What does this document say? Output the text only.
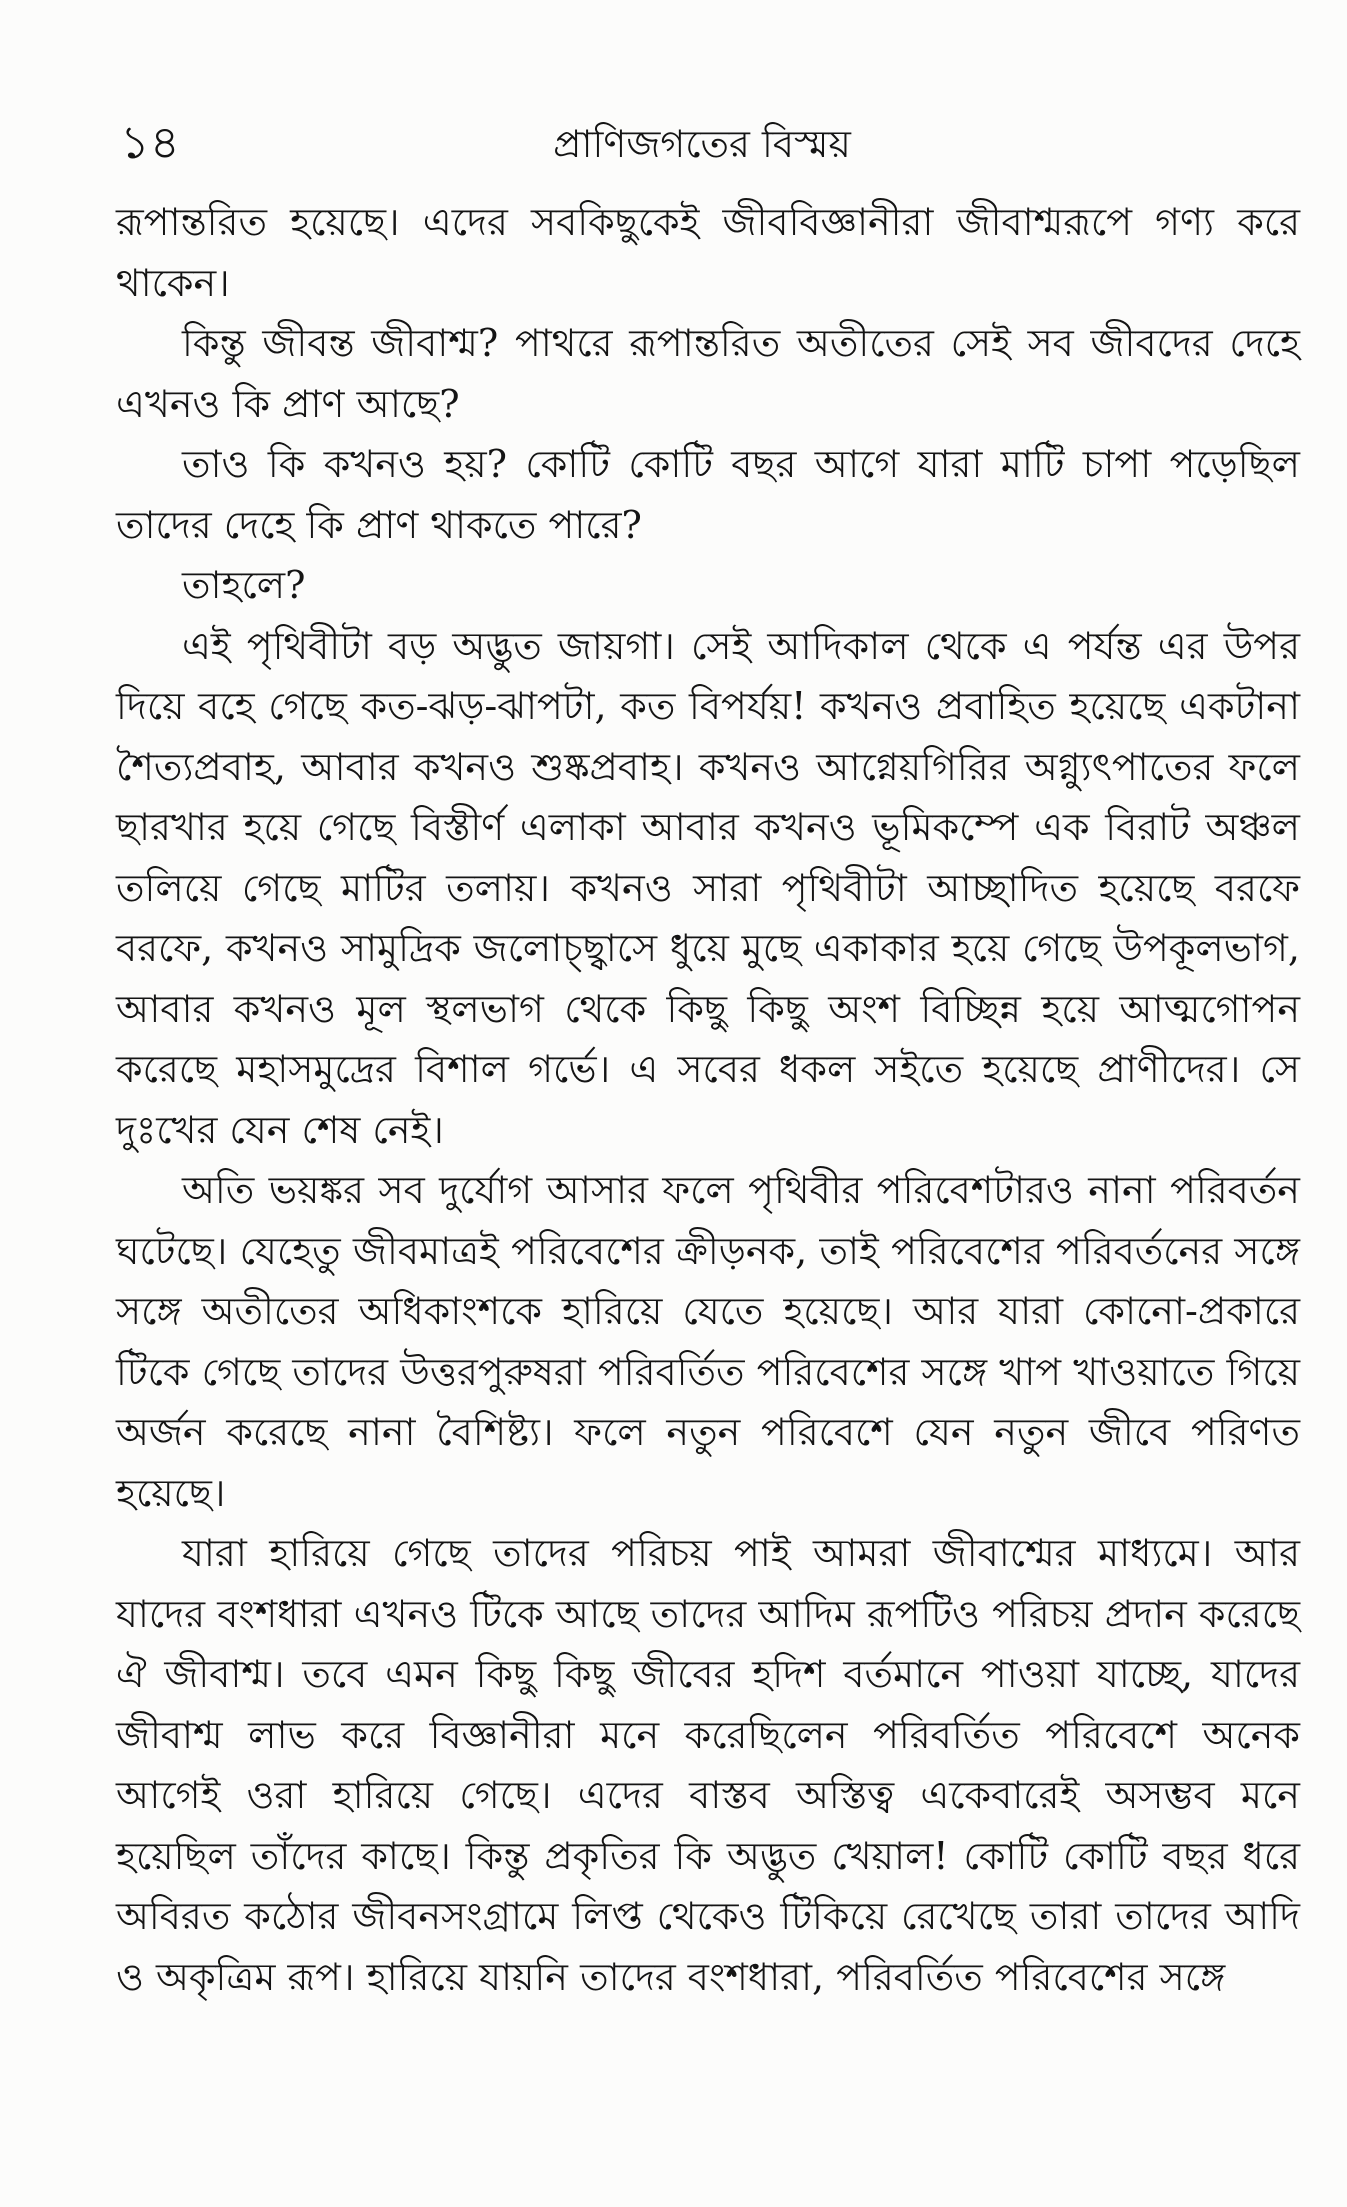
১৪	প্রাণিজগতের বিস্ময়

রূপান্তরিত হয়েছে। এদের সবকিছুকেই জীববিজ্ঞানীরা জীবাশ্মরূপে গণ্য করে থাকেন।

কিন্তু জীবন্ত জীবাশ্ম? পাথরে রূপান্তরিত অতীতের সেই সব জীবদের দেহে এখনও কি প্রাণ আছে?

তাও কি কখনও হয়? কোটি কোটি বছর আগে যারা মাটি চাপা পড়েছিল তাদের দেহে কি প্রাণ থাকতে পারে?

তাহলে?

এই পৃথিবীটা বড় অদ্ভুত জায়গা। সেই আদিকাল থেকে এ পর্যন্ত এর উপর দিয়ে বহে গেছে কত-ঝড়-ঝাপটা, কত বিপর্যয়! কখনও প্রবাহিত হয়েছে একটানা শৈত্যপ্রবাহ, আবার কখনও শুষ্কপ্রবাহ। কখনও আগ্নেয়গিরির অগ্ন্যুৎপাতের ফলে ছারখার হয়ে গেছে বিস্তীর্ণ এলাকা আবার কখনও ভূমিকম্পে এক বিরাট অঞ্চল তলিয়ে গেছে মাটির তলায়। কখনও সারা পৃথিবীটা আচ্ছাদিত হয়েছে বরফে বরফে, কখনও সামুদ্রিক জলোচ্ছ্বাসে ধুয়ে মুছে একাকার হয়ে গেছে উপকূলভাগ, আবার কখনও মূল স্থলভাগ থেকে কিছু কিছু অংশ বিচ্ছিন্ন হয়ে আত্মগোপন করেছে মহাসমুদ্রের বিশাল গর্ভে। এ সবের ধকল সইতে হয়েছে প্রাণীদের। সে দুঃখের যেন শেষ নেই।

অতি ভয়ঙ্কর সব দুর্যোগ আসার ফলে পৃথিবীর পরিবেশটারও নানা পরিবর্তন ঘটেছে। যেহেতু জীবমাত্রই পরিবেশের ক্রীড়নক, তাই পরিবেশের পরিবর্তনের সঙ্গে সঙ্গে অতীতের অধিকাংশকে হারিয়ে যেতে হয়েছে। আর যারা কোনো-প্রকারে টিকে গেছে তাদের উত্তরপুরুষরা পরিবর্তিত পরিবেশের সঙ্গে খাপ খাওয়াতে গিয়ে অর্জন করেছে নানা বৈশিষ্ট্য। ফলে নতুন পরিবেশে যেন নতুন জীবে পরিণত হয়েছে।

যারা হারিয়ে গেছে তাদের পরিচয় পাই আমরা জীবাশ্মের মাধ্যমে। আর যাদের বংশধারা এখনও টিকে আছে তাদের আদিম রূপটিও পরিচয় প্রদান করেছে ঐ জীবাশ্ম। তবে এমন কিছু কিছু জীবের হদিশ বর্তমানে পাওয়া যাচ্ছে, যাদের জীবাশ্ম লাভ করে বিজ্ঞানীরা মনে করেছিলেন পরিবর্তিত পরিবেশে অনেক আগেই ওরা হারিয়ে গেছে। এদের বাস্তব অস্তিত্ব একেবারেই অসম্ভব মনে হয়েছিল তাঁদের কাছে। কিন্তু প্রকৃতির কি অদ্ভুত খেয়াল! কোটি কোটি বছর ধরে অবিরত কঠোর জীবনসংগ্রামে লিপ্ত থেকেও টিকিয়ে রেখেছে তারা তাদের আদি ও অকৃত্রিম রূপ। হারিয়ে যায়নি তাদের বংশধারা, পরিবর্তিত পরিবেশের সঙ্গে
